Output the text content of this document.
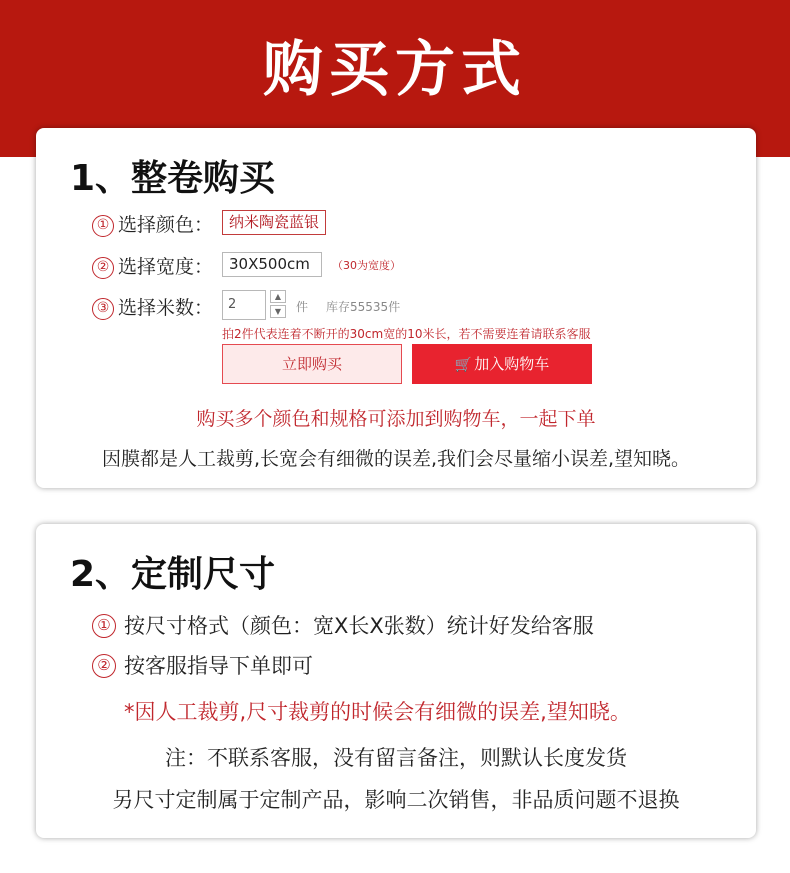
购买方式
1、整卷购买
① 选择颜色：	纳米陶瓷蓝银
② 选择宽度：	30X500cm	（30为宽度）
③ 选择米数：	2
▲
▼	件 库存55535件
拍2件代表连着不断开的30cm宽的10米长，若不需要连着请联系客服
立即购买	🛒 加入购物车
购买多个颜色和规格可添加到购物车，一起下单
因膜都是人工裁剪,长宽会有细微的误差,我们会尽量缩小误差,望知晓。
2、定制尺寸
① 按尺寸格式（颜色：宽X长X张数）统计好发给客服
② 按客服指导下单即可
*因人工裁剪,尺寸裁剪的时候会有细微的误差,望知晓。
注：不联系客服，没有留言备注，则默认长度发货
另尺寸定制属于定制产品，影响二次销售，非品质问题不退换
